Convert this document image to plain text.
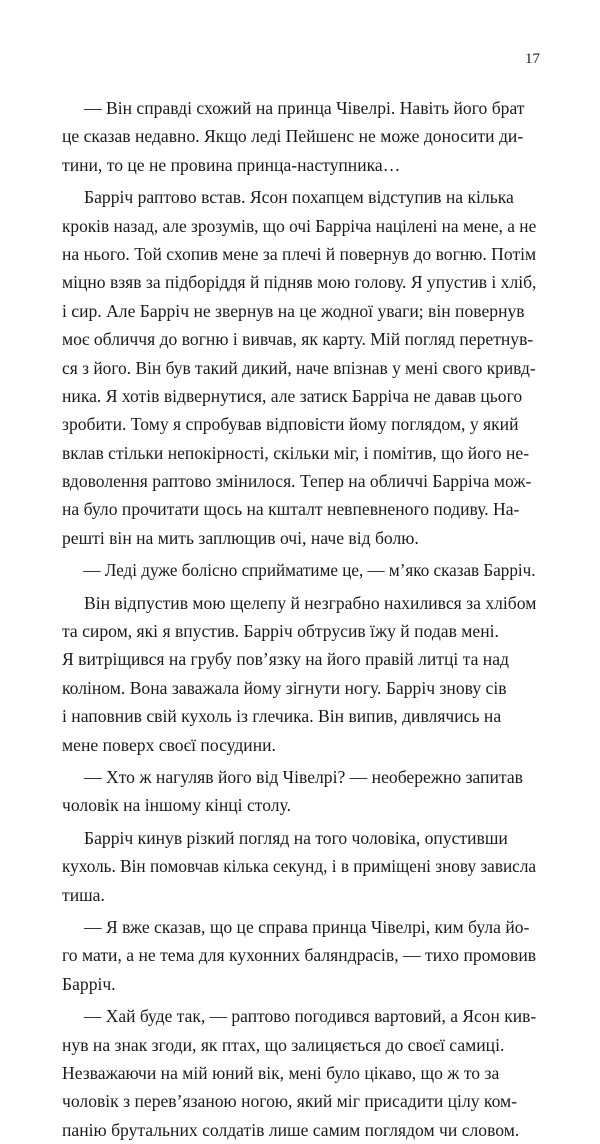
17
— Він справді схожий на принца Чівелрі. Навіть його брат
це сказав недавно. Якщо леді Пейшенс не може доносити ди-
тини, то це не провина принца-наступника…
Барріч раптово встав. Ясон похапцем відступив на кілька
кроків назад, але зрозумів, що очі Барріча націлені на мене, а не
на нього. Той схопив мене за плечі й повернув до вогню. Потім
міцно взяв за підборіддя й підняв мою голову. Я упустив і хліб,
і сир. Але Барріч не звернув на це жодної уваги; він повернув
моє обличчя до вогню і вивчав, як карту. Мій погляд перетнув-
ся з його. Він був такий дикий, наче впізнав у мені свого кривд-
ника. Я хотів відвернутися, але затиск Барріча не давав цього
зробити. Тому я спробував відповісти йому поглядом, у який
вклав стільки непокірності, скільки міг, і помітив, що його не-
вдоволення раптово змінилося. Тепер на обличчі Барріча мож-
на було прочитати щось на кшталт невпевненого подиву. На-
решті він на мить заплющив очі, наче від болю.
— Леді дуже болісно сприйматиме це, — м’яко сказав Барріч.
Він відпустив мою щелепу й незграбно нахилився за хлібом
та сиром, які я впустив. Барріч обтрусив їжу й подав мені.
Я витріщився на грубу пов’язку на його правій литці та над
коліном. Вона заважала йому зігнути ногу. Барріч знову сів
і наповнив свій кухоль із глечика. Він випив, дивлячись на
мене поверх своєї посудини.
— Хто ж нагуляв його від Чівелрі? — необережно запитав
чоловік на іншому кінці столу.
Барріч кинув різкий погляд на того чоловіка, опустивши
кухоль. Він помовчав кілька секунд, і в приміщені знову зависла
тиша.
— Я вже сказав, що це справа принца Чівелрі, ким була йо-
го мати, а не тема для кухонних баляндрасів, — тихо промовив
Барріч.
— Хай буде так, — раптово погодився вартовий, а Ясон кив-
нув на знак згоди, як птах, що залицяється до своєї самиці.
Незважаючи на мій юний вік, мені було цікаво, що ж то за
чоловік з перев’язаною ногою, який міг присадити цілу ком-
панію брутальних солдатів лише самим поглядом чи словом.
